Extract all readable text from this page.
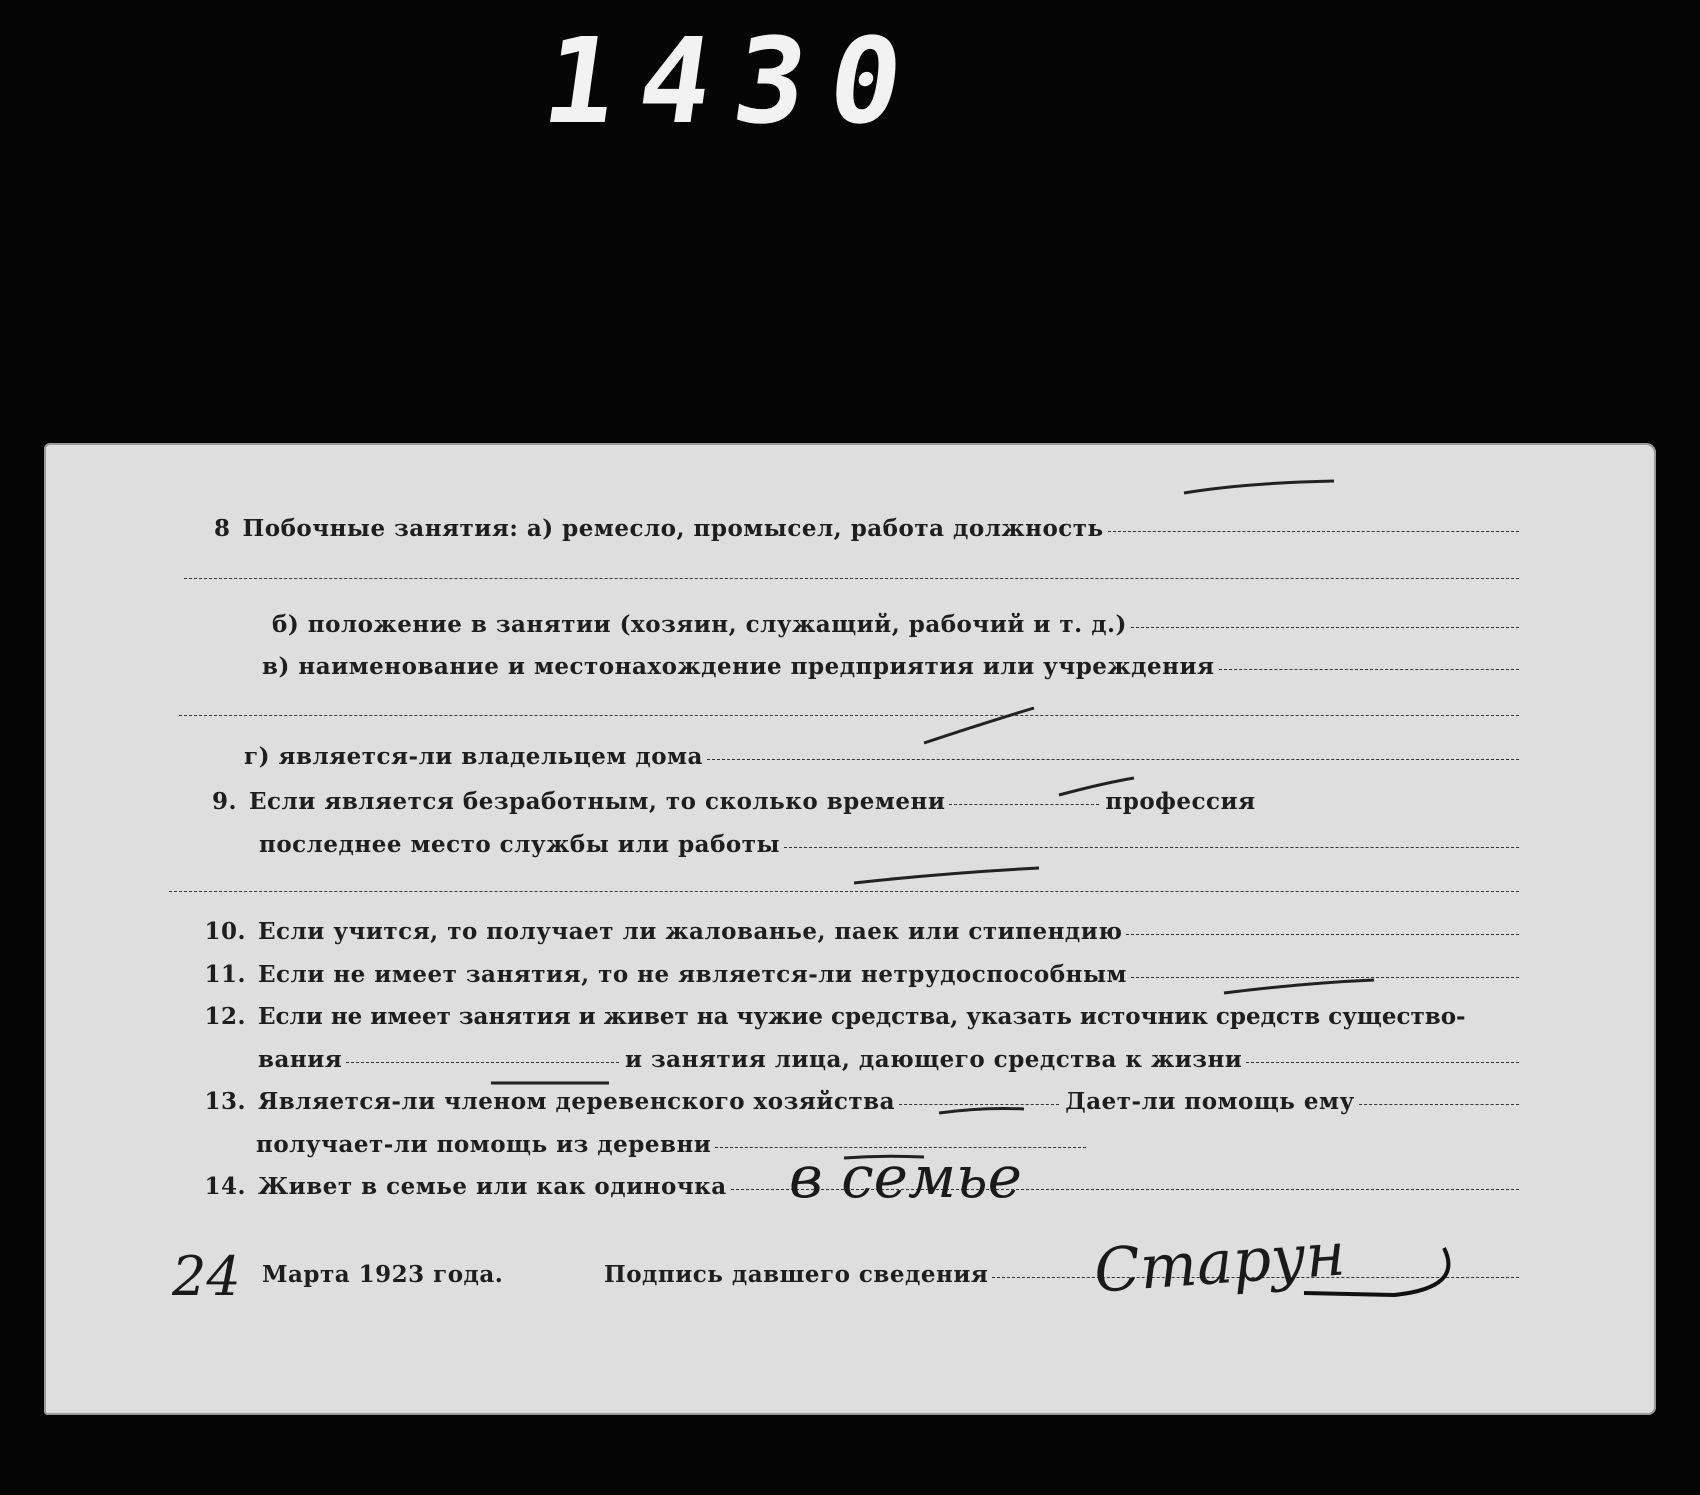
1430
8 Побочные занятия: а) ремесло, промысел, работа должность
б) положение в занятии (хозяин, служащий, рабочий и т. д.)
в) наименование и местонахождение предприятия или учреждения
г) является-ли владельцем дома
9. Если является безработным, то сколько времени	профессия
последнее место службы или работы
10. Если учится, то получает ли жалованье, паек или стипендию
11. Если не имеет занятия, то не является-ли нетрудоспособным
12. Если не имеет занятия и живет на чужие средства, указать источник средств существо-
вания	и занятия лица, дающего средства к жизни
13. Является-ли членом деревенского хозяйства	Дает-ли помощь ему
получает-ли помощь из деревни
14. Живет в семье или как одиночка в семье
24 Марта 1923 года.	Подпись давшего сведения Старун
